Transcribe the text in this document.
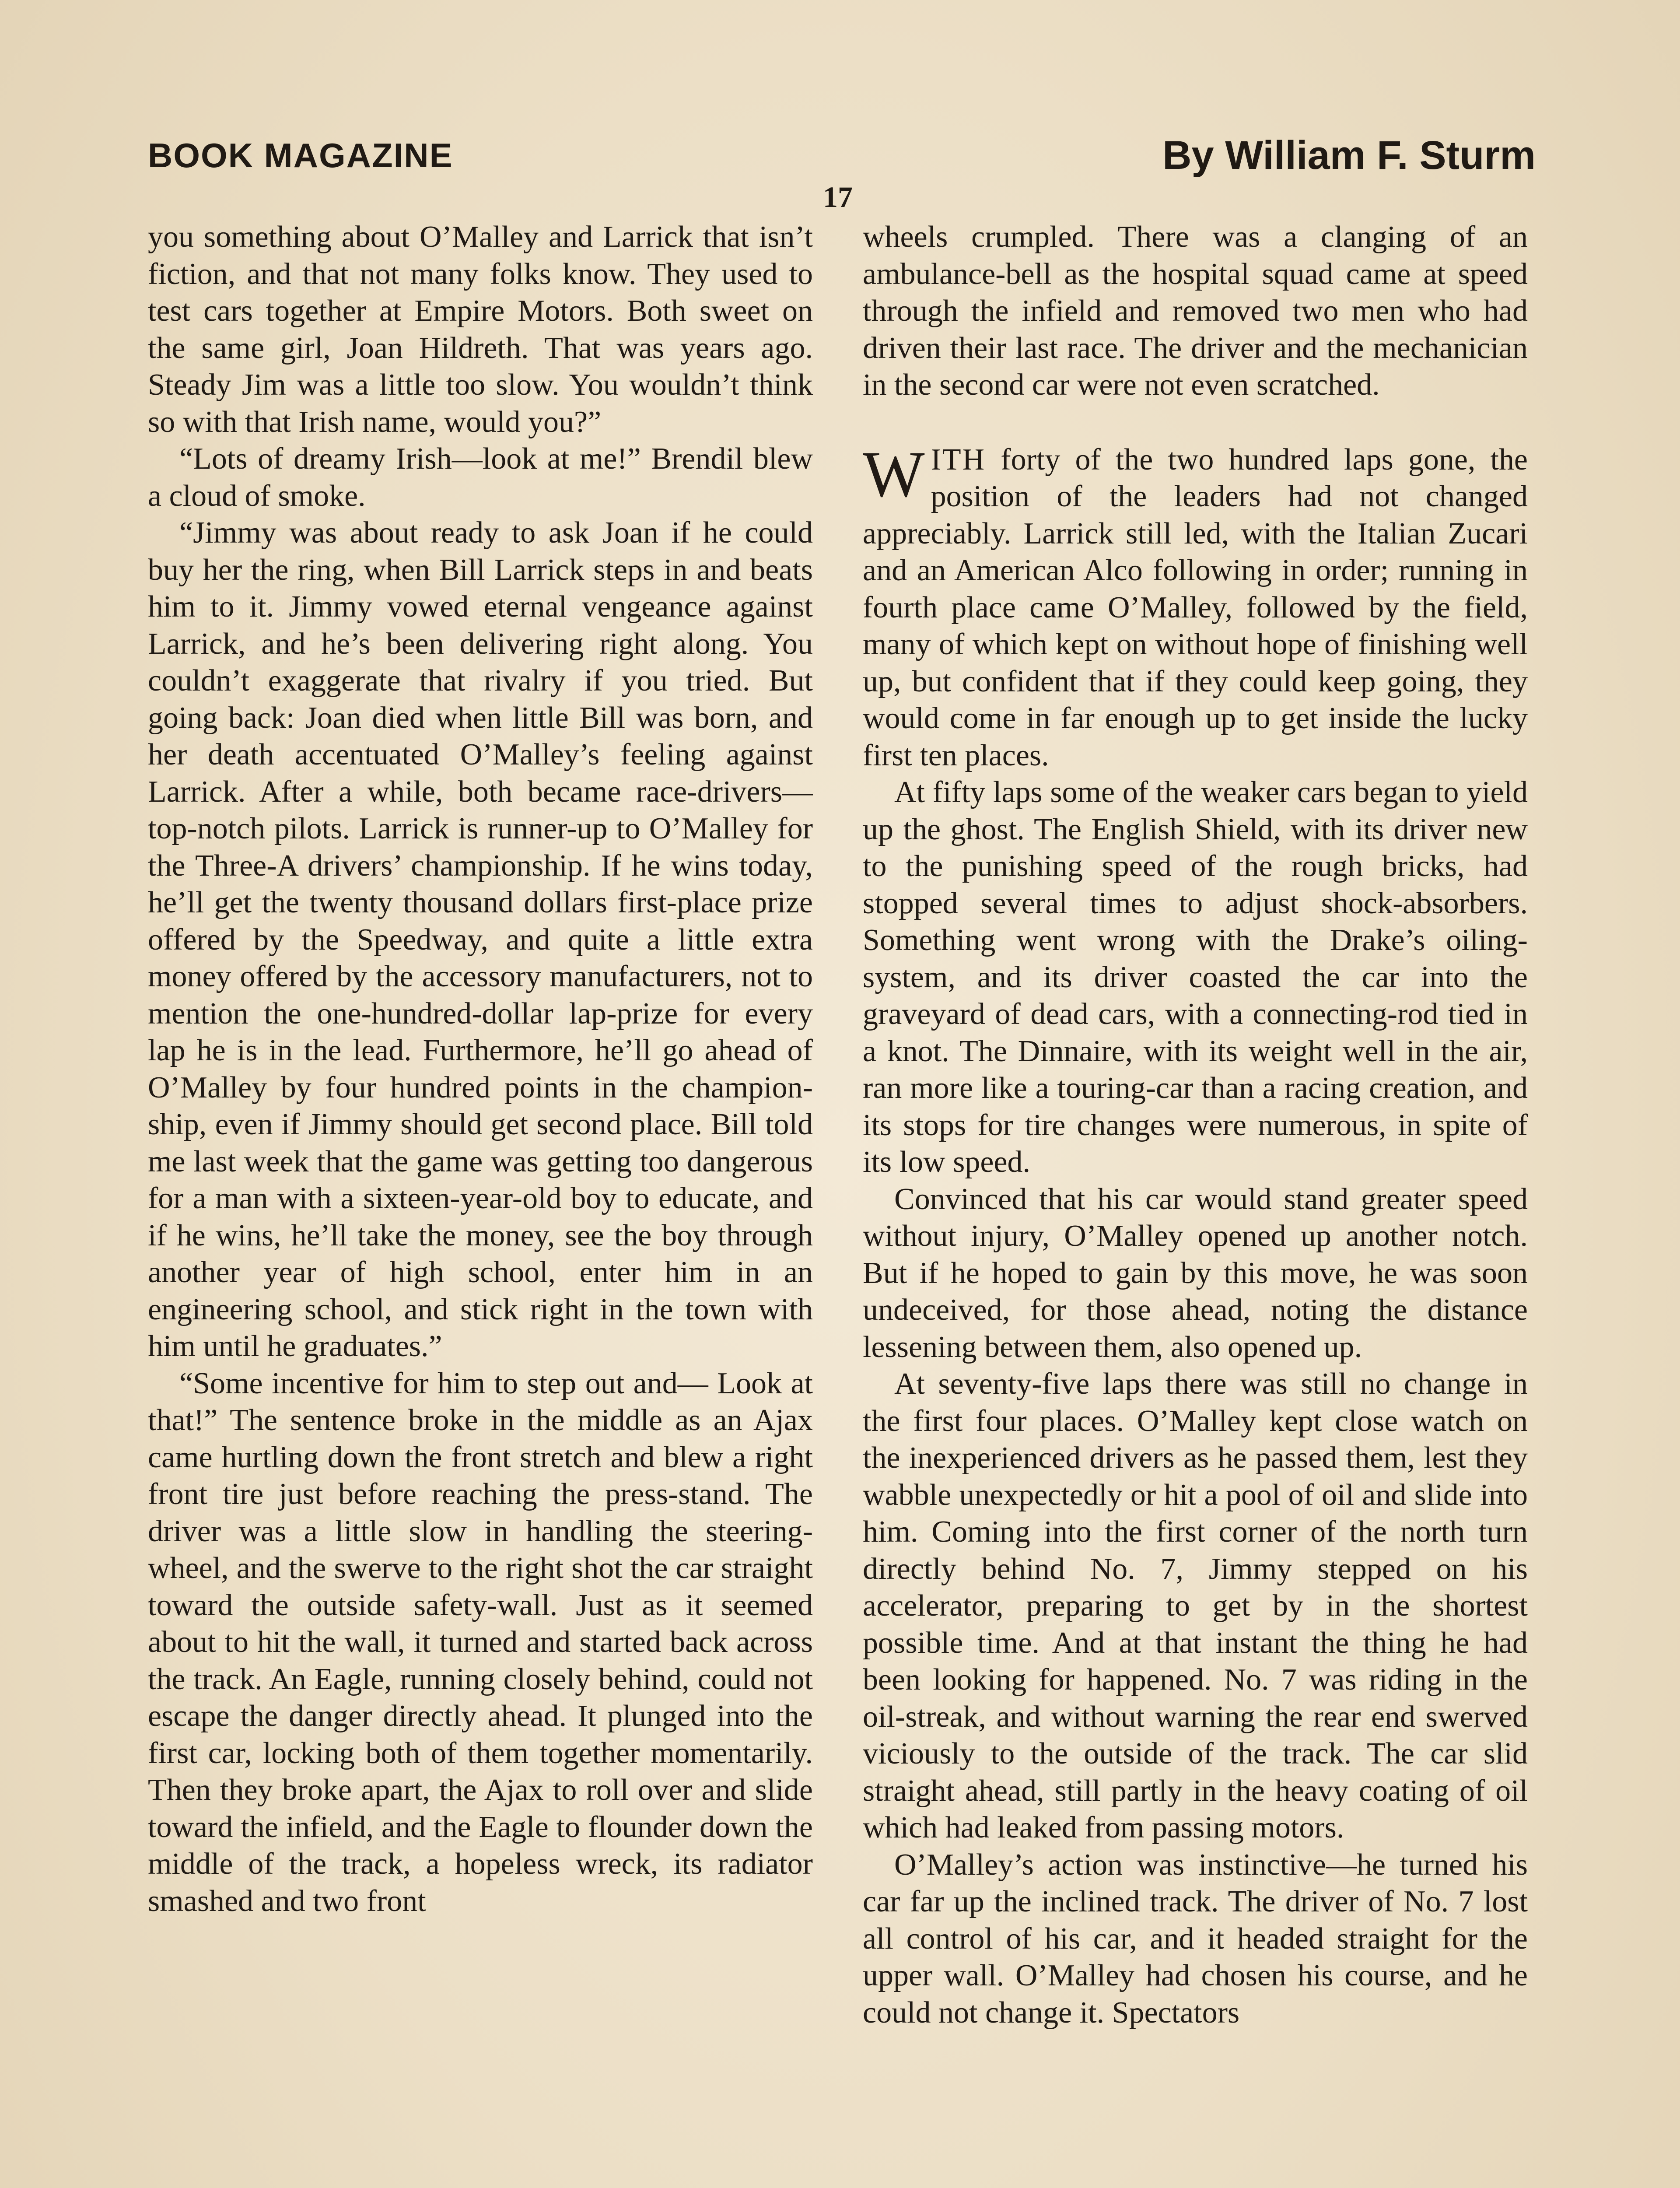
BOOK MAGAZINE	By William F. Sturm
17

you something about O’Malley and Larrick that isn’t fiction, and that not many folks know. They used to test cars together at Empire Motors. Both sweet on the same girl, Joan Hildreth. That was years ago. Steady Jim was a little too slow. You wouldn’t think so with that Irish name, would you?”

“Lots of dreamy Irish—look at me!” Brendil blew a cloud of smoke.

“Jimmy was about ready to ask Joan if he could buy her the ring, when Bill Larrick steps in and beats him to it. Jimmy vowed eternal vengeance against Larrick, and he’s been delivering right along. You couldn’t exaggerate that rivalry if you tried. But going back: Joan died when little Bill was born, and her death accentuated O’Malley’s feeling against Larrick. After a while, both became race-drivers—top-notch pilots. Larrick is runner-up to O’Malley for the Three-A drivers’ championship. If he wins today, he’ll get the twenty thousand dollars first-place prize offered by the Speedway, and quite a little extra money offered by the accessory manufacturers, not to mention the one-hundred-dollar lap-prize for every lap he is in the lead. Furthermore, he’ll go ahead of O’Malley by four hundred points in the championship, even if Jimmy should get second place. Bill told me last week that the game was getting too dangerous for a man with a sixteen-year-old boy to educate, and if he wins, he’ll take the money, see the boy through another year of high school, enter him in an engineering school, and stick right in the town with him until he graduates.”

“Some incentive for him to step out and— Look at that!” The sentence broke in the middle as an Ajax came hurtling down the front stretch and blew a right front tire just before reaching the press-stand. The driver was a little slow in handling the steering-wheel, and the swerve to the right shot the car straight toward the outside safety-wall. Just as it seemed about to hit the wall, it turned and started back across the track. An Eagle, running closely behind, could not escape the danger directly ahead. It plunged into the first car, locking both of them together momentarily. Then they broke apart, the Ajax to roll over and slide toward the infield, and the Eagle to flounder down the middle of the track, a hopeless wreck, its radiator smashed and two front

wheels crumpled. There was a clanging of an ambulance-bell as the hospital squad came at speed through the infield and removed two men who had driven their last race. The driver and the mechanician in the second car were not even scratched.

WITH forty of the two hundred laps gone, the position of the leaders had not changed appreciably. Larrick still led, with the Italian Zucari and an American Alco following in order; running in fourth place came O’Malley, followed by the field, many of which kept on without hope of finishing well up, but confident that if they could keep going, they would come in far enough up to get inside the lucky first ten places.

At fifty laps some of the weaker cars began to yield up the ghost. The English Shield, with its driver new to the punishing speed of the rough bricks, had stopped several times to adjust shock-absorbers. Something went wrong with the Drake’s oiling-system, and its driver coasted the car into the graveyard of dead cars, with a connecting-rod tied in a knot. The Dinnaire, with its weight well in the air, ran more like a touring-car than a racing creation, and its stops for tire changes were numerous, in spite of its low speed.

Convinced that his car would stand greater speed without injury, O’Malley opened up another notch. But if he hoped to gain by this move, he was soon undeceived, for those ahead, noting the distance lessening between them, also opened up.

At seventy-five laps there was still no change in the first four places. O’Malley kept close watch on the inexperienced drivers as he passed them, lest they wabble unexpectedly or hit a pool of oil and slide into him. Coming into the first corner of the north turn directly behind No. 7, Jimmy stepped on his accelerator, preparing to get by in the shortest possible time. And at that instant the thing he had been looking for happened. No. 7 was riding in the oil-streak, and without warning the rear end swerved viciously to the outside of the track. The car slid straight ahead, still partly in the heavy coating of oil which had leaked from passing motors.

O’Malley’s action was instinctive—he turned his car far up the inclined track. The driver of No. 7 lost all control of his car, and it headed straight for the upper wall. O’Malley had chosen his course, and he could not change it. Spectators
